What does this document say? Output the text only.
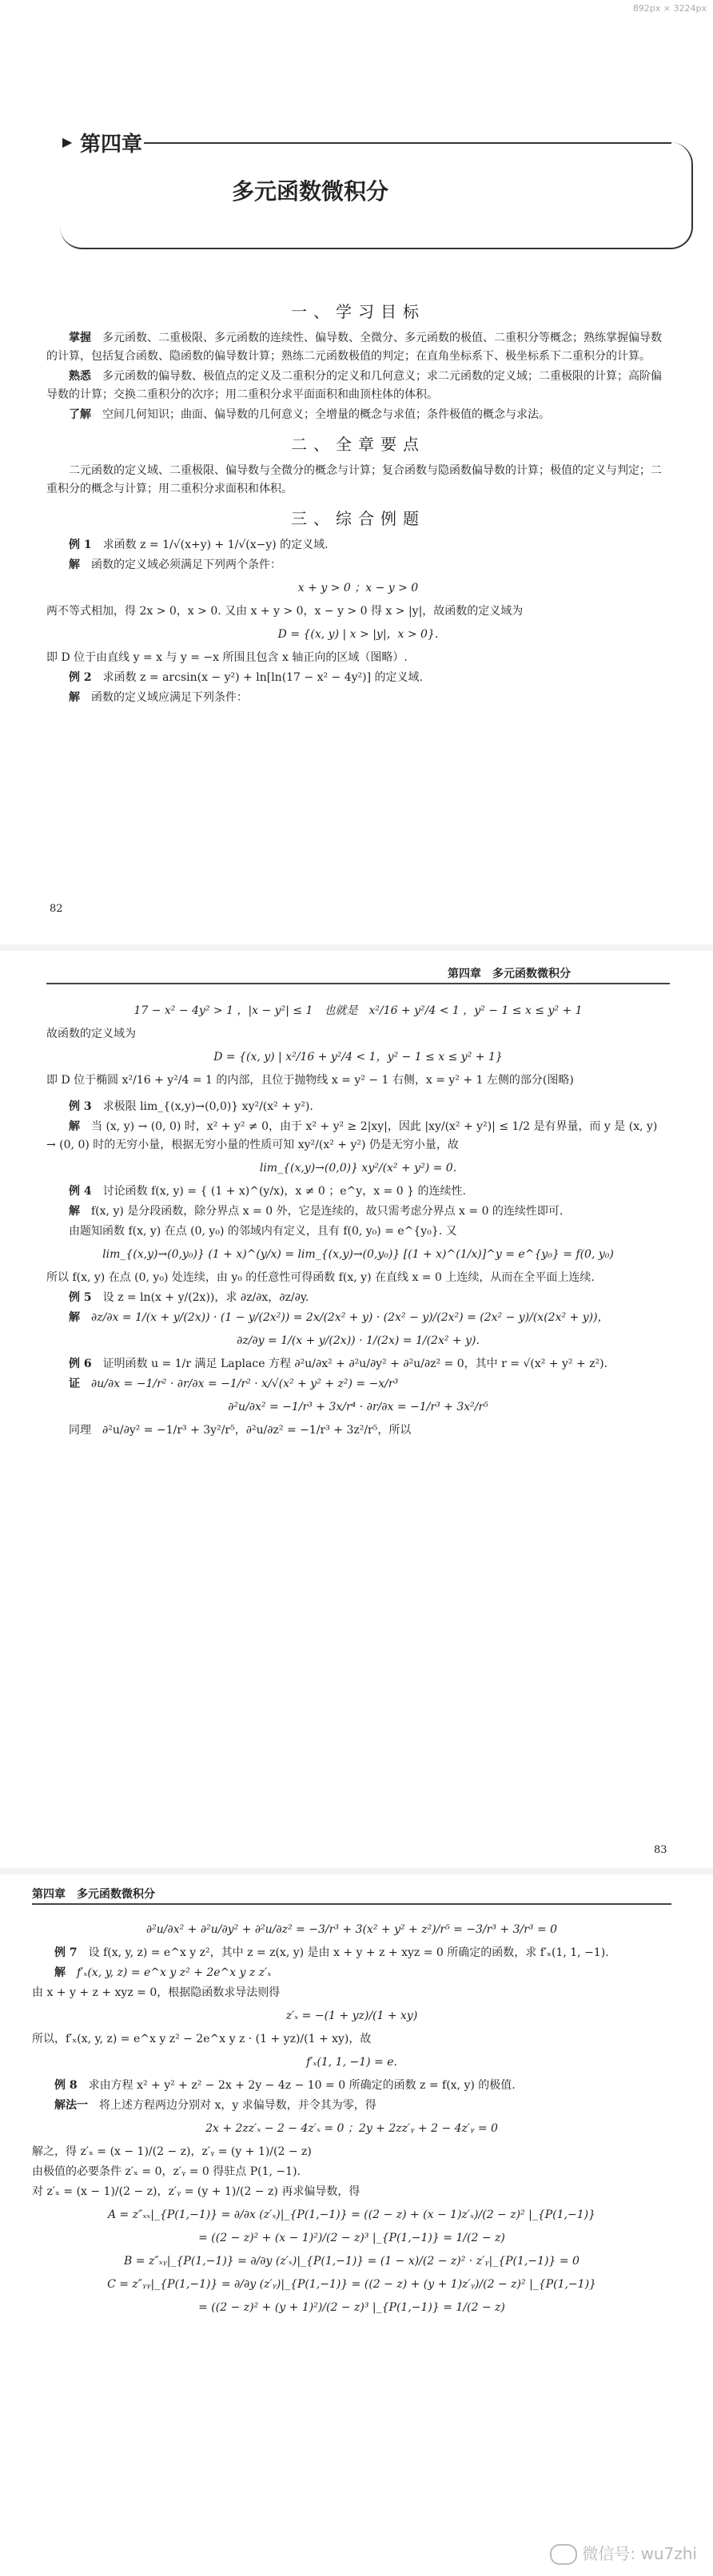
892px × 3224px
▶ 第四章
多元函数微积分
一、学习目标

掌握　 多元函数、二重极限、多元函数的连续性、偏导数、全微分、多元函数的极值、二重积分等概念；熟练掌握偏导数的计算，包括复合函数、隐函数的偏导数计算；熟练二元函数极值的判定；在直角坐标系下、极坐标系下二重积分的计算。

熟悉　 多元函数的偏导数、极值点的定义及二重积分的定义和几何意义；求二元函数的定义域；二重极限的计算；高阶偏导数的计算；交换二重积分的次序；用二重积分求平面面积和曲顶柱体的体积。

了解　 空间几何知识；曲面、偏导数的几何意义；全增量的概念与求值；条件极值的概念与求法。

二、全章要点

二元函数的定义域、二重极限、偏导数与全微分的概念与计算；复合函数与隐函数偏导数的计算；极值的定义与判定；二重积分的概念与计算；用二重积分求面积和体积。

三、综合例题

例 1　 求函数 z = 1/√(x+y) + 1/√(x−y) 的定义域.

解　 函数的定义域必须满足下列两个条件：

x + y > 0 ；x − y > 0

两不等式相加，得 2x > 0，x > 0. 又由 x + y > 0，x − y > 0 得 x > |y|，故函数的定义域为

D = {(x, y) | x > |y|，x > 0}.

即 D 位于由直线 y = x 与 y = −x 所围且包含 x 轴正向的区域（图略）.

例 2　 求函数 z = arcsin(x − y²) + ln[ln(17 − x² − 4y²)] 的定义域.

解　 函数的定义域应满足下列条件：

82
第四章　多元函数微积分

17 − x² − 4y² > 1 ，|x − y²| ≤ 1　也就是　x²/16 + y²/4 < 1 ，y² − 1 ≤ x ≤ y² + 1

故函数的定义域为

D = {(x, y) | x²/16 + y²/4 < 1，y² − 1 ≤ x ≤ y² + 1}

即 D 位于椭圆 x²/16 + y²/4 = 1 的内部，且位于抛物线 x = y² − 1 右侧，x = y² + 1 左侧的部分(图略)

例 3　 求极限 lim_{(x,y)→(0,0)} xy²/(x² + y²).

解　 当 (x, y) → (0, 0) 时，x² + y² ≠ 0，由于 x² + y² ≥ 2|xy|，因此 |xy/(x² + y²)| ≤ 1/2 是有界量，而 y 是 (x, y) → (0, 0) 时的无穷小量，根据无穷小量的性质可知 xy²/(x² + y²) 仍是无穷小量，故

lim_{(x,y)→(0,0)} xy²/(x² + y²) = 0.

例 4　 讨论函数 f(x, y) = { (1 + x)^(y/x)，x ≠ 0 ；e^y，x = 0 } 的连续性.

解　 f(x, y) 是分段函数，除分界点 x = 0 外，它是连续的，故只需考虑分界点 x = 0 的连续性即可.

由题知函数 f(x, y) 在点 (0, y₀) 的邻域内有定义，且有 f(0, y₀) = e^{y₀}. 又

lim_{(x,y)→(0,y₀)} (1 + x)^(y/x) = lim_{(x,y)→(0,y₀)} [(1 + x)^(1/x)]^y = e^{y₀} = f(0, y₀)

所以 f(x, y) 在点 (0, y₀) 处连续，由 y₀ 的任意性可得函数 f(x, y) 在直线 x = 0 上连续，从而在全平面上连续.

例 5　 设 z = ln(x + y/(2x))，求 ∂z/∂x，∂z/∂y.

解　 ∂z/∂x = 1/(x + y/(2x)) · (1 − y/(2x²)) = 2x/(2x² + y) · (2x² − y)/(2x²) = (2x² − y)/(x(2x² + y))，

∂z/∂y = 1/(x + y/(2x)) · 1/(2x) = 1/(2x² + y).

例 6　 证明函数 u = 1/r 满足 Laplace 方程 ∂²u/∂x² + ∂²u/∂y² + ∂²u/∂z² = 0，其中 r = √(x² + y² + z²).

证　 ∂u/∂x = −1/r² · ∂r/∂x = −1/r² · x/√(x² + y² + z²) = −x/r³

∂²u/∂x² = −1/r³ + 3x/r⁴ · ∂r/∂x = −1/r³ + 3x²/r⁵

同理　∂²u/∂y² = −1/r³ + 3y²/r⁵，∂²u/∂z² = −1/r³ + 3z²/r⁵，所以

83
第四章　多元函数微积分

∂²u/∂x² + ∂²u/∂y² + ∂²u/∂z² = −3/r³ + 3(x² + y² + z²)/r⁵ = −3/r³ + 3/r³ = 0

例 7　 设 f(x, y, z) = e^x y z²，其中 z = z(x, y) 是由 x + y + z + xyz = 0 所确定的函数，求 f′ₓ(1, 1, −1).

解　 f′ₓ(x, y, z) = e^x y z² + 2e^x y z z′ₓ

由 x + y + z + xyz = 0，根据隐函数求导法则得

z′ₓ = −(1 + yz)/(1 + xy)

所以，f′ₓ(x, y, z) = e^x y z² − 2e^x y z · (1 + yz)/(1 + xy)，故

f′ₓ(1, 1, −1) = e.

例 8　 求由方程 x² + y² + z² − 2x + 2y − 4z − 10 = 0 所确定的函数 z = f(x, y) 的极值.

解法一　 将上述方程两边分别对 x，y 求偏导数，并令其为零，得

2x + 2zz′ₓ − 2 − 4z′ₓ = 0 ；2y + 2zz′ᵧ + 2 − 4z′ᵧ = 0

解之，得 z′ₓ = (x − 1)/(2 − z)，z′ᵧ = (y + 1)/(2 − z)

由极值的必要条件 z′ₓ = 0，z′ᵧ = 0 得驻点 P(1, −1).

对 z′ₓ = (x − 1)/(2 − z)，z′ᵧ = (y + 1)/(2 − z) 再求偏导数，得

A = z″ₓₓ|_{P(1,−1)} = ∂/∂x (z′ₓ)|_{P(1,−1)} = ((2 − z) + (x − 1)z′ₓ)/(2 − z)² |_{P(1,−1)}

= ((2 − z)² + (x − 1)²)/(2 − z)³ |_{P(1,−1)} = 1/(2 − z)

B = z″ₓᵧ|_{P(1,−1)} = ∂/∂y (z′ₓ)|_{P(1,−1)} = (1 − x)/(2 − z)² · z′ᵧ|_{P(1,−1)} = 0

C = z″ᵧᵧ|_{P(1,−1)} = ∂/∂y (z′ᵧ)|_{P(1,−1)} = ((2 − z) + (y + 1)z′ᵧ)/(2 − z)² |_{P(1,−1)}

= ((2 − z)² + (y + 1)²)/(2 − z)³ |_{P(1,−1)} = 1/(2 − z)

微信号: wu7zhi
